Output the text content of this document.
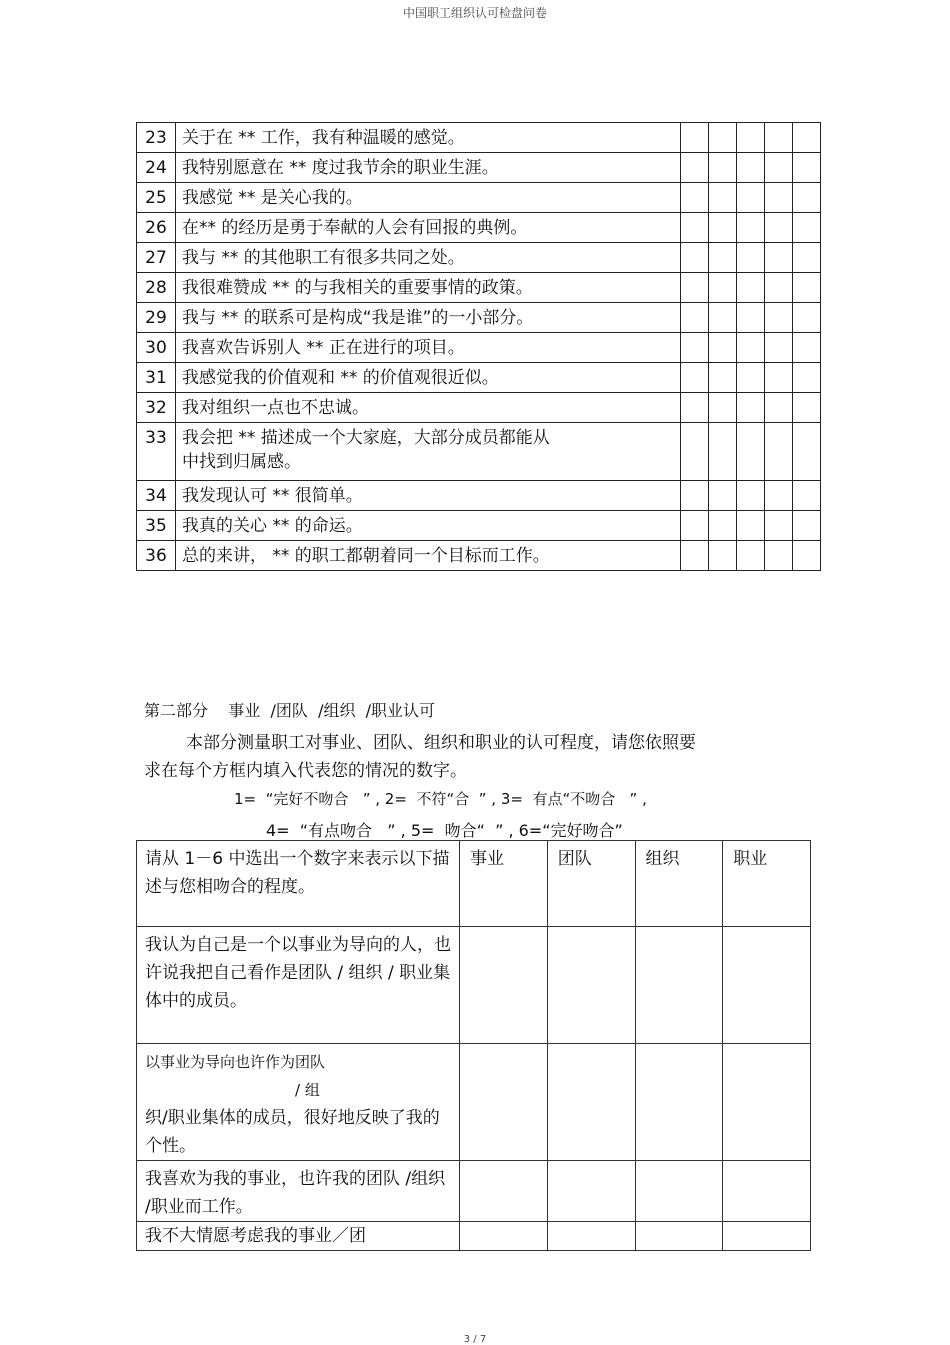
中国职工组织认可检盘问卷
23	关于在 ** 工作，我有种温暖的感觉。					
24	我特别愿意在 ** 度过我节余的职业生涯。					
25	我感觉 ** 是关心我的。					
26	在** 的经历是勇于奉献的人会有回报的典例。					
27	我与 ** 的其他职工有很多共同之处。					
28	我很难赞成 ** 的与我相关的重要事情的政策。					
29	我与 ** 的联系可是构成“我是谁”的一小部分。					
30	我喜欢告诉别人 ** 正在进行的项目。					
31	我感觉我的价值观和 ** 的价值观很近似。					
32	我对组织一点也不忠诚。					
33	我会把 ** 描述成一个大家庭，大部分成员都能从
中找到归属感。					
34	我发现认可 ** 很简单。					
35	我真的关心 ** 的命运。					
36	总的来讲， ** 的职工都朝着同一个目标而工作。					
第二部分    事业  /团队  /组织  /职业认可
本部分测量职工对事业、团队、组织和职业的认可程度，请您依照要求在每个方框内填入代表您的情况的数字。
1=  “完好不吻合   ” , 2=  不符“合  ” , 3=  有点“不吻合   ” ,
4=  “有点吻合   ” , 5=  吻合“  ” , 6=“完好吻合”
请从 1－6 中选出一个数字来表示以下描述与您相吻合的程度。	事业	团队	组织	职业
我认为自己是一个以事业为导向的人，也许说我把自己看作是团队 / 组织 / 职业集体中的成员。				
以事业为导向也许作为团队/ 组
织/职业集体的成员，很好地反映了我的个性。				
我喜欢为我的事业，也许我的团队 /组织 /职业而工作。				
我不大情愿考虑我的事业／团				
3 / 7
